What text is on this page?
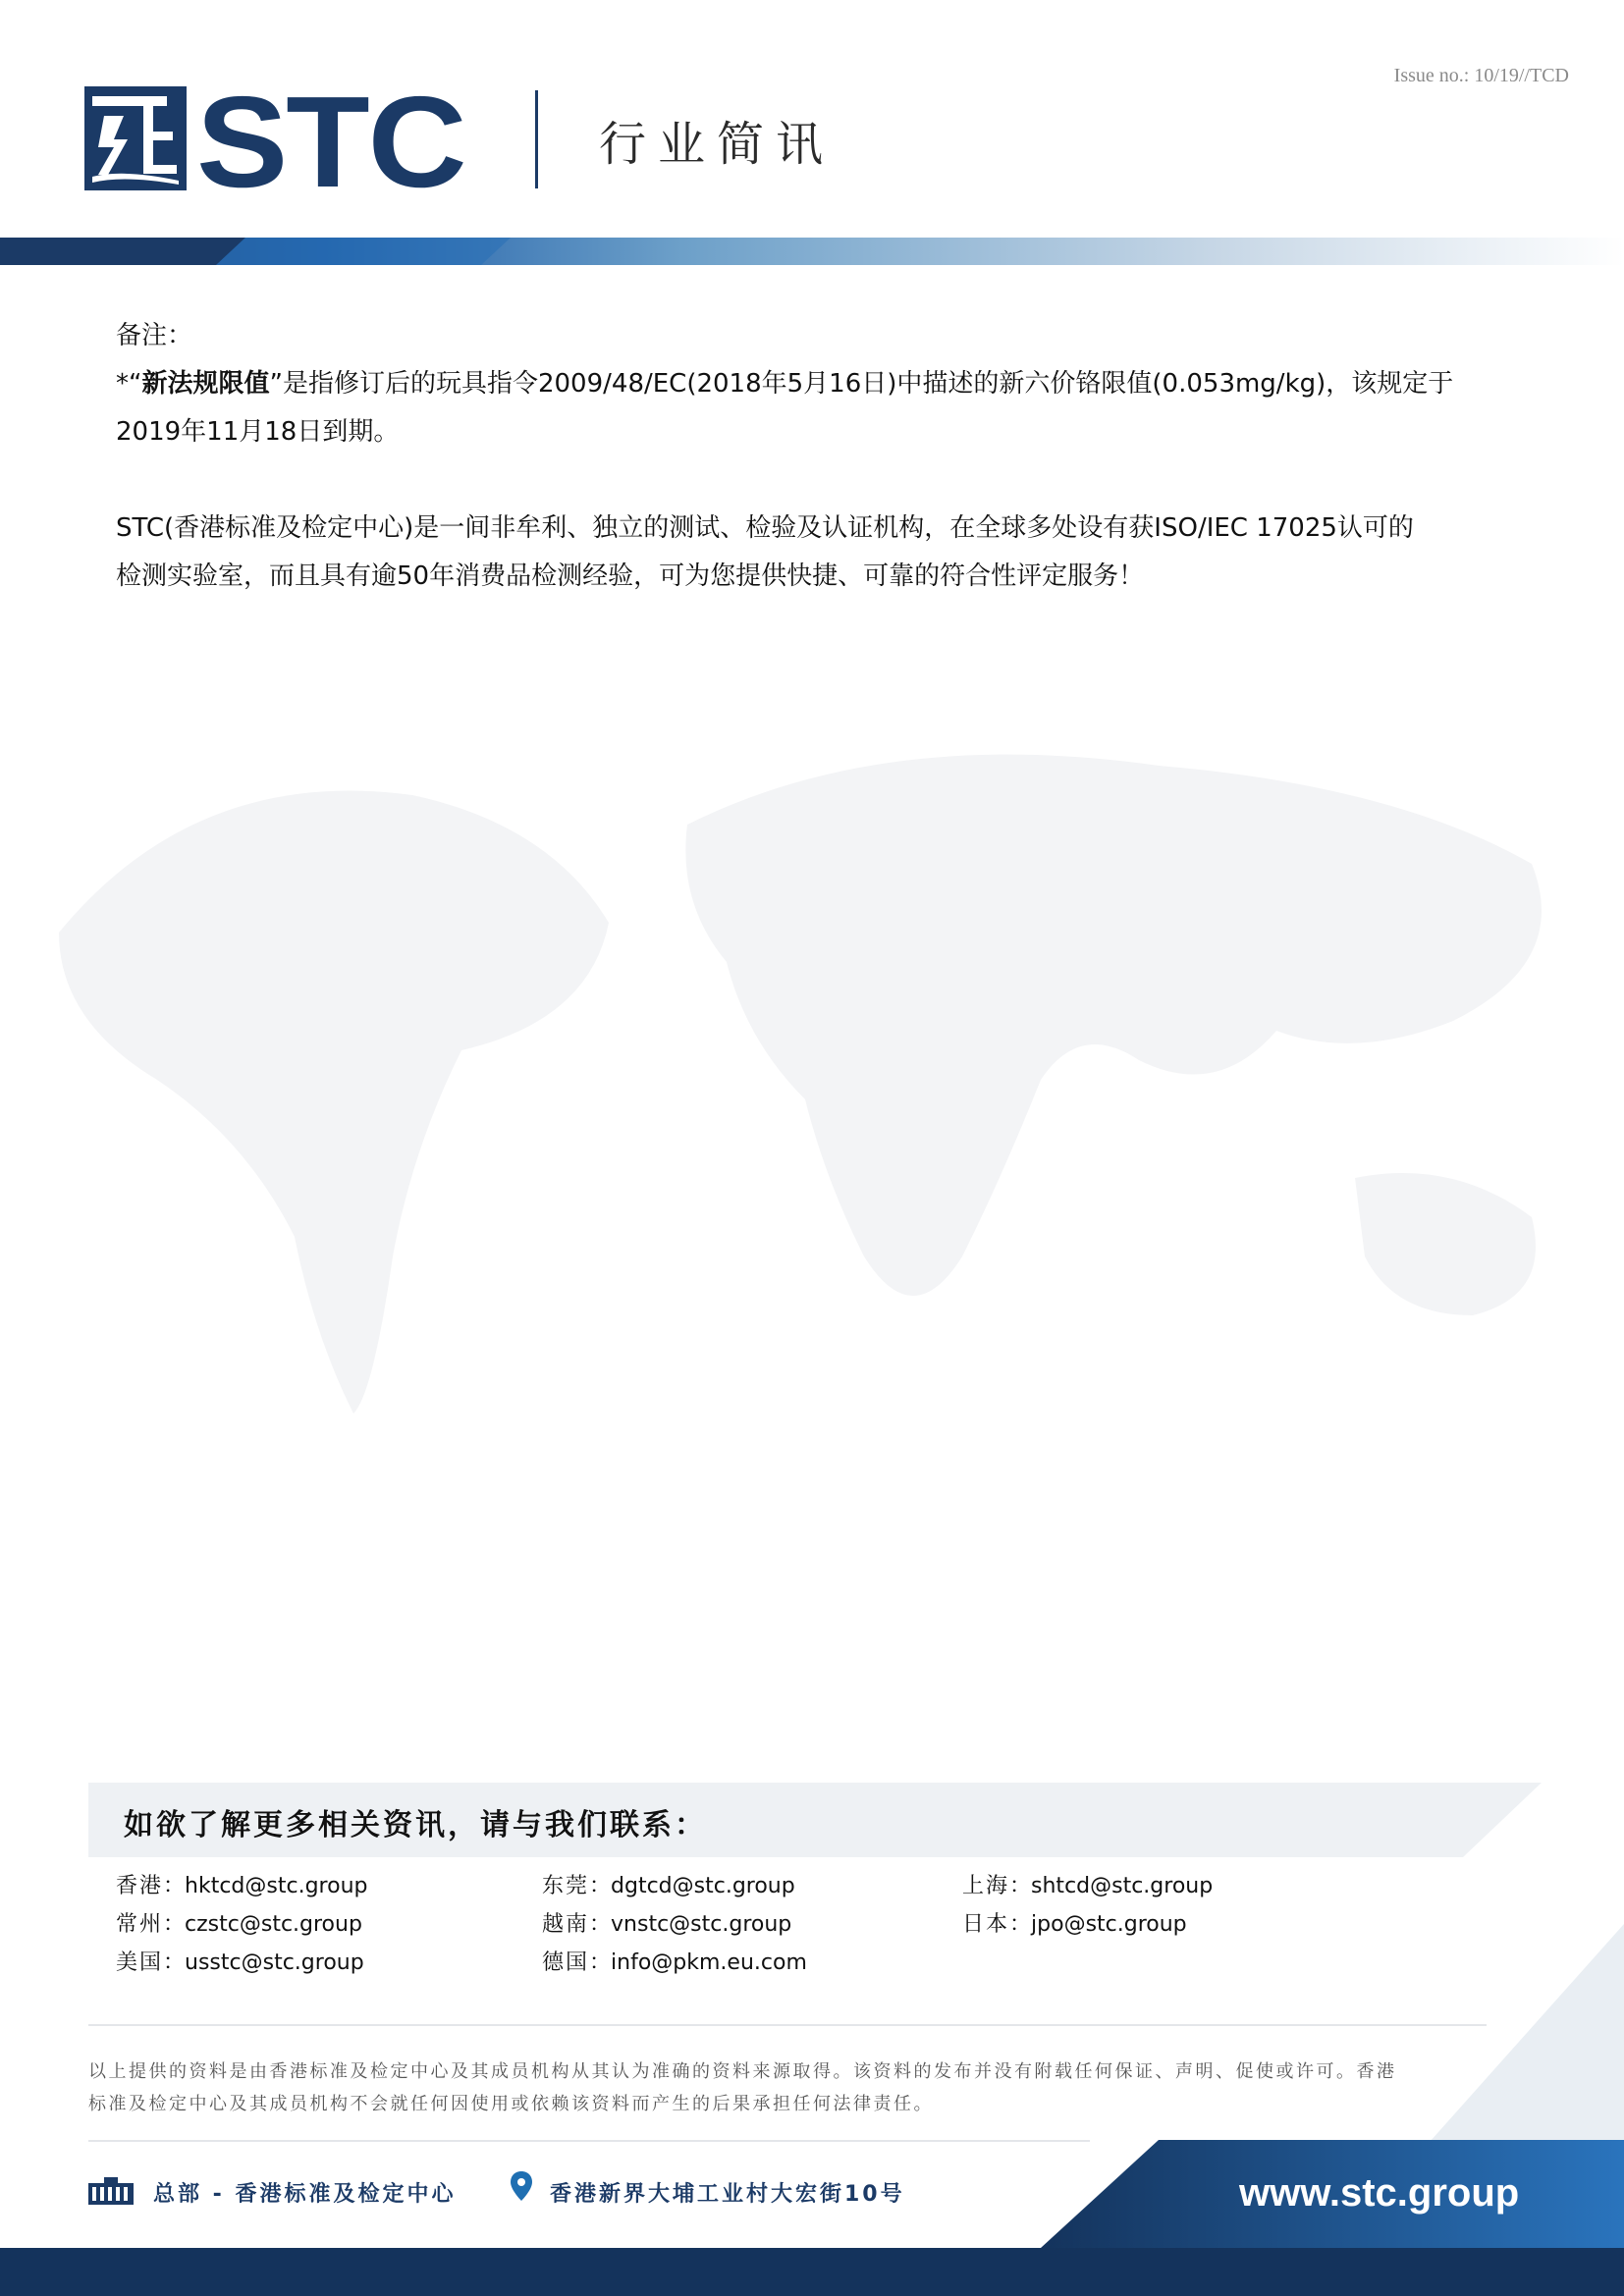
Issue no.: 10/19//TCD
STC	行业简讯

备注：

*“新法规限值”是指修订后的玩具指令2009/48/EC(2018年5月16日)中描述的新六价铬限值(0.053mg/kg)，该规定于

2019年11月18日到期。

STC(香港标准及检定中心)是一间非牟利、独立的测试、检验及认证机构，在全球多处设有获ISO/IEC 17025认可的

检测实验室，而且具有逾50年消费品检测经验，可为您提供快捷、可靠的符合性评定服务！

如欲了解更多相关资讯，请与我们联系：
香港：hktcd@stc.group	东莞：dgtcd@stc.group	上海：shtcd@stc.group
常州：czstc@stc.group	越南：vnstc@stc.group	日本：jpo@stc.group
美国：usstc@stc.group	德国：info@pkm.eu.com
以上提供的资料是由香港标准及检定中心及其成员机构从其认为准确的资料来源取得。该资料的发布并没有附载任何保证、声明、促使或许可。香港
标准及检定中心及其成员机构不会就任何因使用或依赖该资料而产生的后果承担任何法律责任。
总部 - 香港标准及检定中心	香港新界大埔工业村大宏街10号	www.stc.group
